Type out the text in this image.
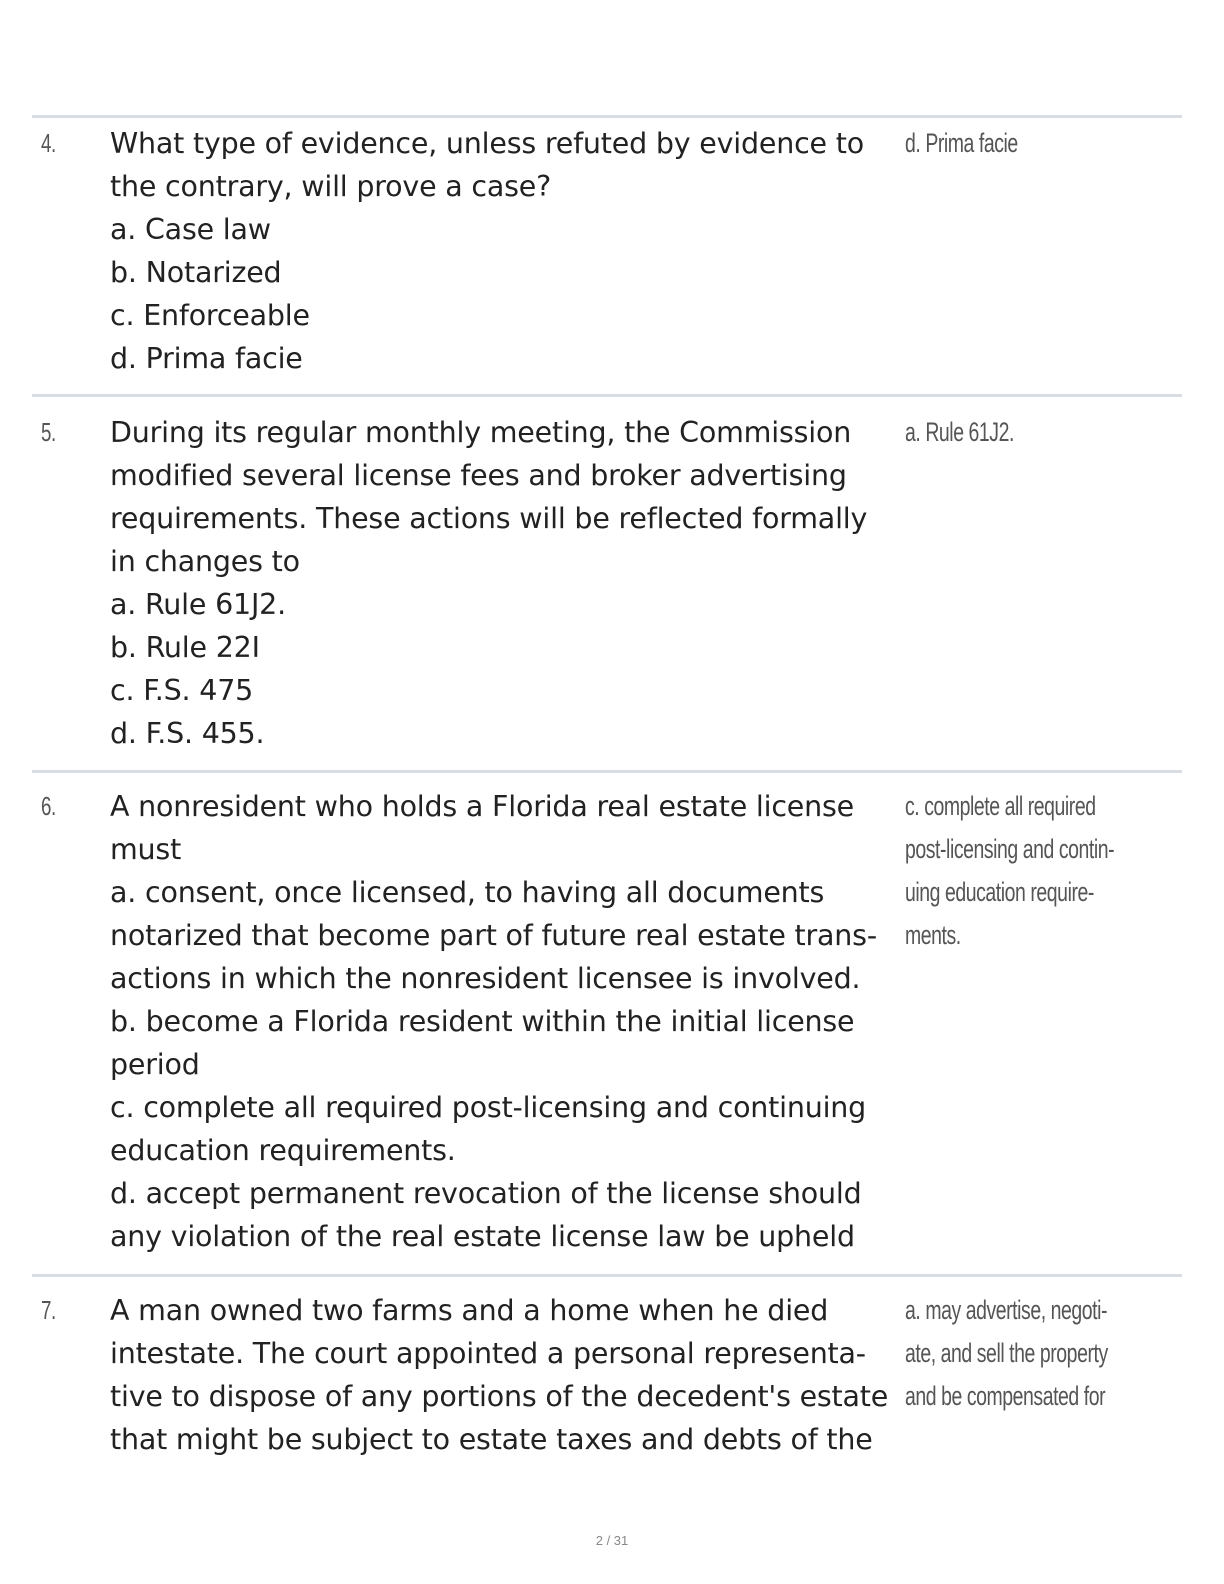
4. What type of evidence, unless refuted by evidence to
the contrary, will prove a case?
a. Case law
b. Notarized
c. Enforceable
d. Prima facie
d. Prima facie
5. During its regular monthly meeting, the Commission
modified several license fees and broker advertising
requirements. These actions will be reflected formally
in changes to
a. Rule 61J2.
b. Rule 22I
c. F.S. 475
d. F.S. 455.
a. Rule 61J2.
6. A nonresident who holds a Florida real estate license
must
a. consent, once licensed, to having all documents
notarized that become part of future real estate trans-
actions in which the nonresident licensee is involved.
b. become a Florida resident within the initial license
period
c. complete all required post-licensing and continuing
education requirements.
d. accept permanent revocation of the license should
any violation of the real estate license law be upheld
c. complete all required
post-licensing and contin-
uing education require-
ments.
7. A man owned two farms and a home when he died
intestate. The court appointed a personal representa-
tive to dispose of any portions of the decedent's estate
that might be subject to estate taxes and debts of the
a. may advertise, negoti-
ate, and sell the property
and be compensated for
2 / 31
